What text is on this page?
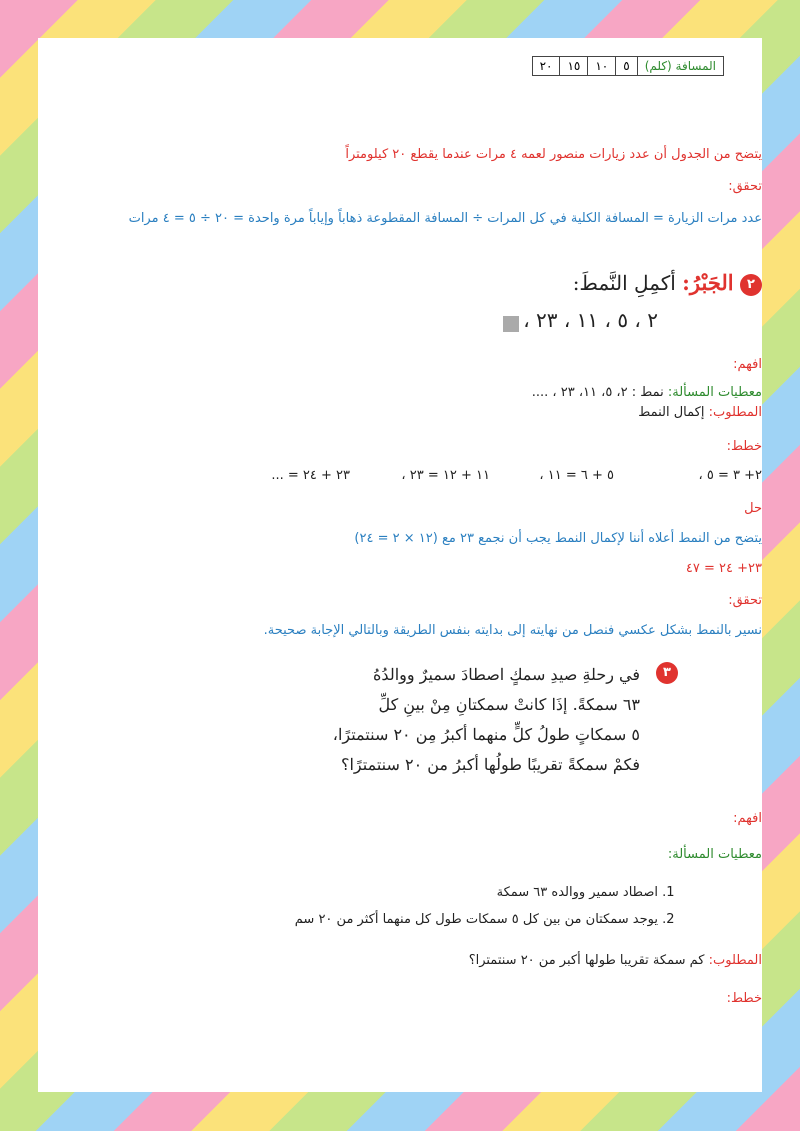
المسافة (كلم)	٥	١٠	١٥	٢٠
يتضح من الجدول أن عدد زيارات منصور لعمه ٤ مرات عندما يقطع ٢٠ كيلومتراً
تحقق:
عدد مرات الزيارة = المسافة الكلية في كل المرات ÷ المسافة المقطوعة ذهاباً وإياباً مرة واحدة = ٢٠ ÷ ٥ = ٤ مرات
٢ الجَبْرُ: أكمِلِ النَّمطَ:
٢ ، ٥ ، ١١ ، ٢٣ ،
افهم:
معطيات المسألة: نمط : ٢، ٥، ١١، ٢٣ ، ....
المطلوب: إكمال النمط
خطط:
٢+ ٣ = ٥ ،
٥ + ٦ = ١١ ،
١١ + ١٢ = ٢٣ ،
٢٣ + ٢٤ = ...
حل
يتضح من النمط أعلاه أننا لإكمال النمط يجب أن نجمع ٢٣ مع (١٢ × ٢ = ٢٤)
٢٣+ ٢٤ = ٤٧
تحقق:
نسير بالنمط بشكل عكسي فنصل من نهايته إلى بدايته بنفس الطريقة وبالتالي الإجابة صحيحة.
٣
في رحلةِ صيدِ سمكٍ اصطادَ سميرٌ ووالدُهُ
٦٣ سمكةً. إذَا كانتْ سمكتانِ مِنْ بينِ كلِّ
٥ سمكاتٍ طولُ كلٍّ منهما أكبرُ مِن ٢٠ سنتمترًا،
فكمْ سمكةً تقريبًا طولُها أكبرُ من ٢٠ سنتمترًا؟
افهم:
معطيات المسألة:
1. اصطاد سمير ووالده ٦٣ سمكة
2. يوجد سمكتان من بين كل ٥ سمكات طول كل منهما أكثر من ٢٠ سم
المطلوب: كم سمكة تقريبا طولها أكبر من ٢٠ سنتمترا؟
خطط:
